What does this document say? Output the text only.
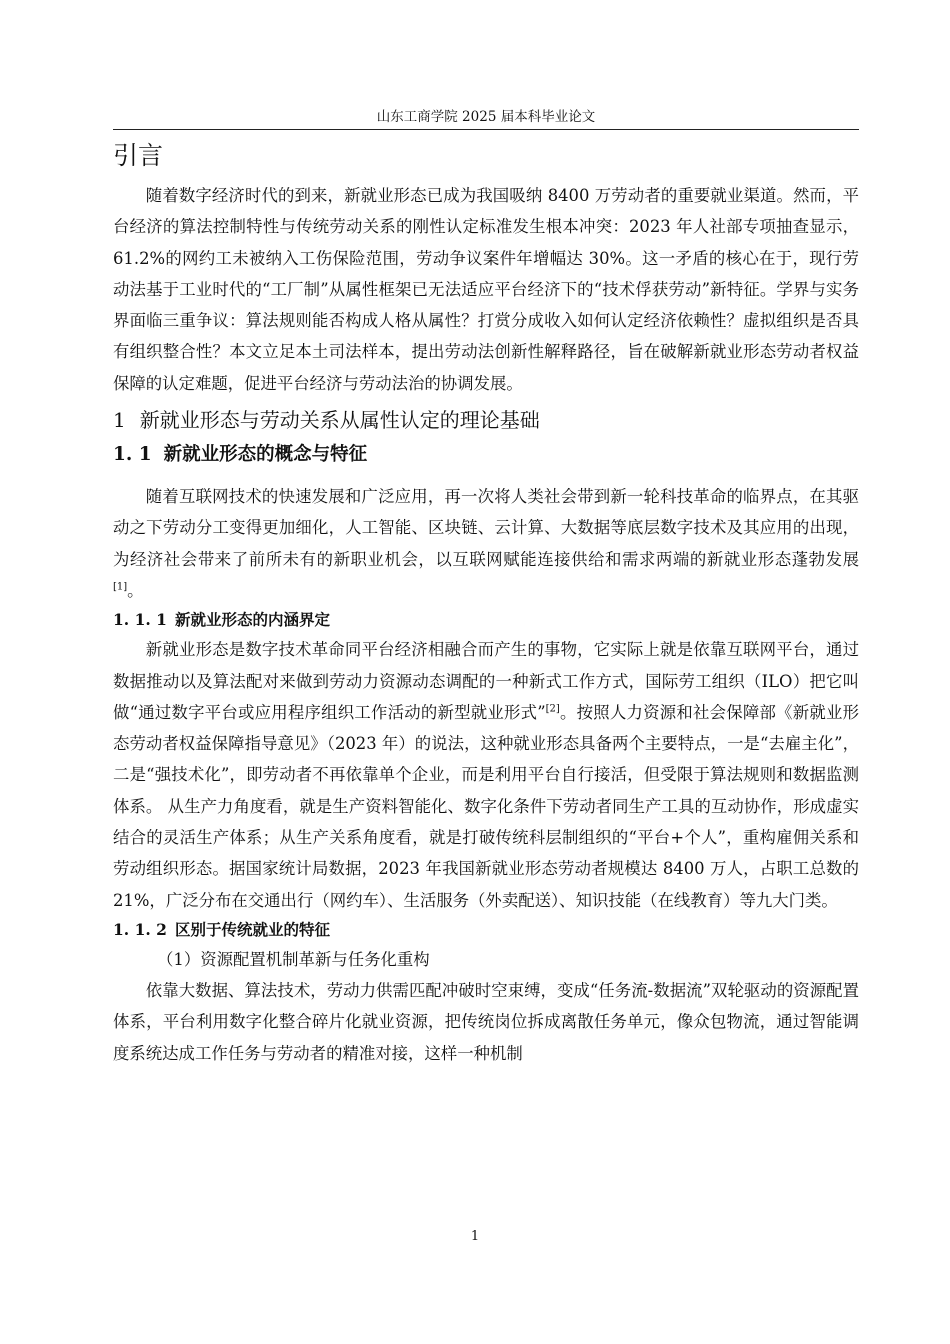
山东工商学院 2025 届本科毕业论文
引言

随着数字经济时代的到来，新就业形态已成为我国吸纳 8400 万劳动者的重要就业渠道。然而，平台经济的算法控制特性与传统劳动关系的刚性认定标准发生根本冲突：2023 年人社部专项抽查显示，61.2%的网约工未被纳入工伤保险范围，劳动争议案件年增幅达 30%。这一矛盾的核心在于，现行劳动法基于工业时代的“工厂制”从属性框架已无法适应平台经济下的“技术俘获劳动”新特征。学界与实务界面临三重争议：算法规则能否构成人格从属性？打赏分成收入如何认定经济依赖性？虚拟组织是否具有组织整合性？本文立足本土司法样本，提出劳动法创新性解释路径，旨在破解新就业形态劳动者权益保障的认定难题，促进平台经济与劳动法治的协调发展。

1 新就业形态与劳动关系从属性认定的理论基础
1. 1 新就业形态的概念与特征

随着互联网技术的快速发展和广泛应用，再一次将人类社会带到新一轮科技革命的临界点，在其驱动之下劳动分工变得更加细化，人工智能、区块链、云计算、大数据等底层数字技术及其应用的出现，为经济社会带来了前所未有的新职业机会，以互联网赋能连接供给和需求两端的新就业形态蓬勃发展[1]。

1. 1. 1 新就业形态的内涵界定

新就业形态是数字技术革命同平台经济相融合而产生的事物，它实际上就是依靠互联网平台，通过数据推动以及算法配对来做到劳动力资源动态调配的一种新式工作方式，国际劳工组织（ILO）把它叫做“通过数字平台或应用程序组织工作活动的新型就业形式”[2]。按照人力资源和社会保障部《新就业形态劳动者权益保障指导意见》（2023 年）的说法，这种就业形态具备两个主要特点，一是“去雇主化”，二是“强技术化”，即劳动者不再依靠单个企业，而是利用平台自行接活，但受限于算法规则和数据监测体系。 从生产力角度看，就是生产资料智能化、数字化条件下劳动者同生产工具的互动协作，形成虚实结合的灵活生产体系；从生产关系角度看，就是打破传统科层制组织的“平台+个人”，重构雇佣关系和劳动组织形态。据国家统计局数据，2023 年我国新就业形态劳动者规模达 8400 万人，占职工总数的 21%，广泛分布在交通出行（网约车）、生活服务（外卖配送）、知识技能（在线教育）等九大门类。

1. 1. 2 区别于传统就业的特征
（1）资源配置机制革新与任务化重构

依靠大数据、算法技术，劳动力供需匹配冲破时空束缚，变成“任务流-数据流”双轮驱动的资源配置体系，平台利用数字化整合碎片化就业资源，把传统岗位拆成离散任务单元，像众包物流，通过智能调度系统达成工作任务与劳动者的精准对接，这样一种机制

1
